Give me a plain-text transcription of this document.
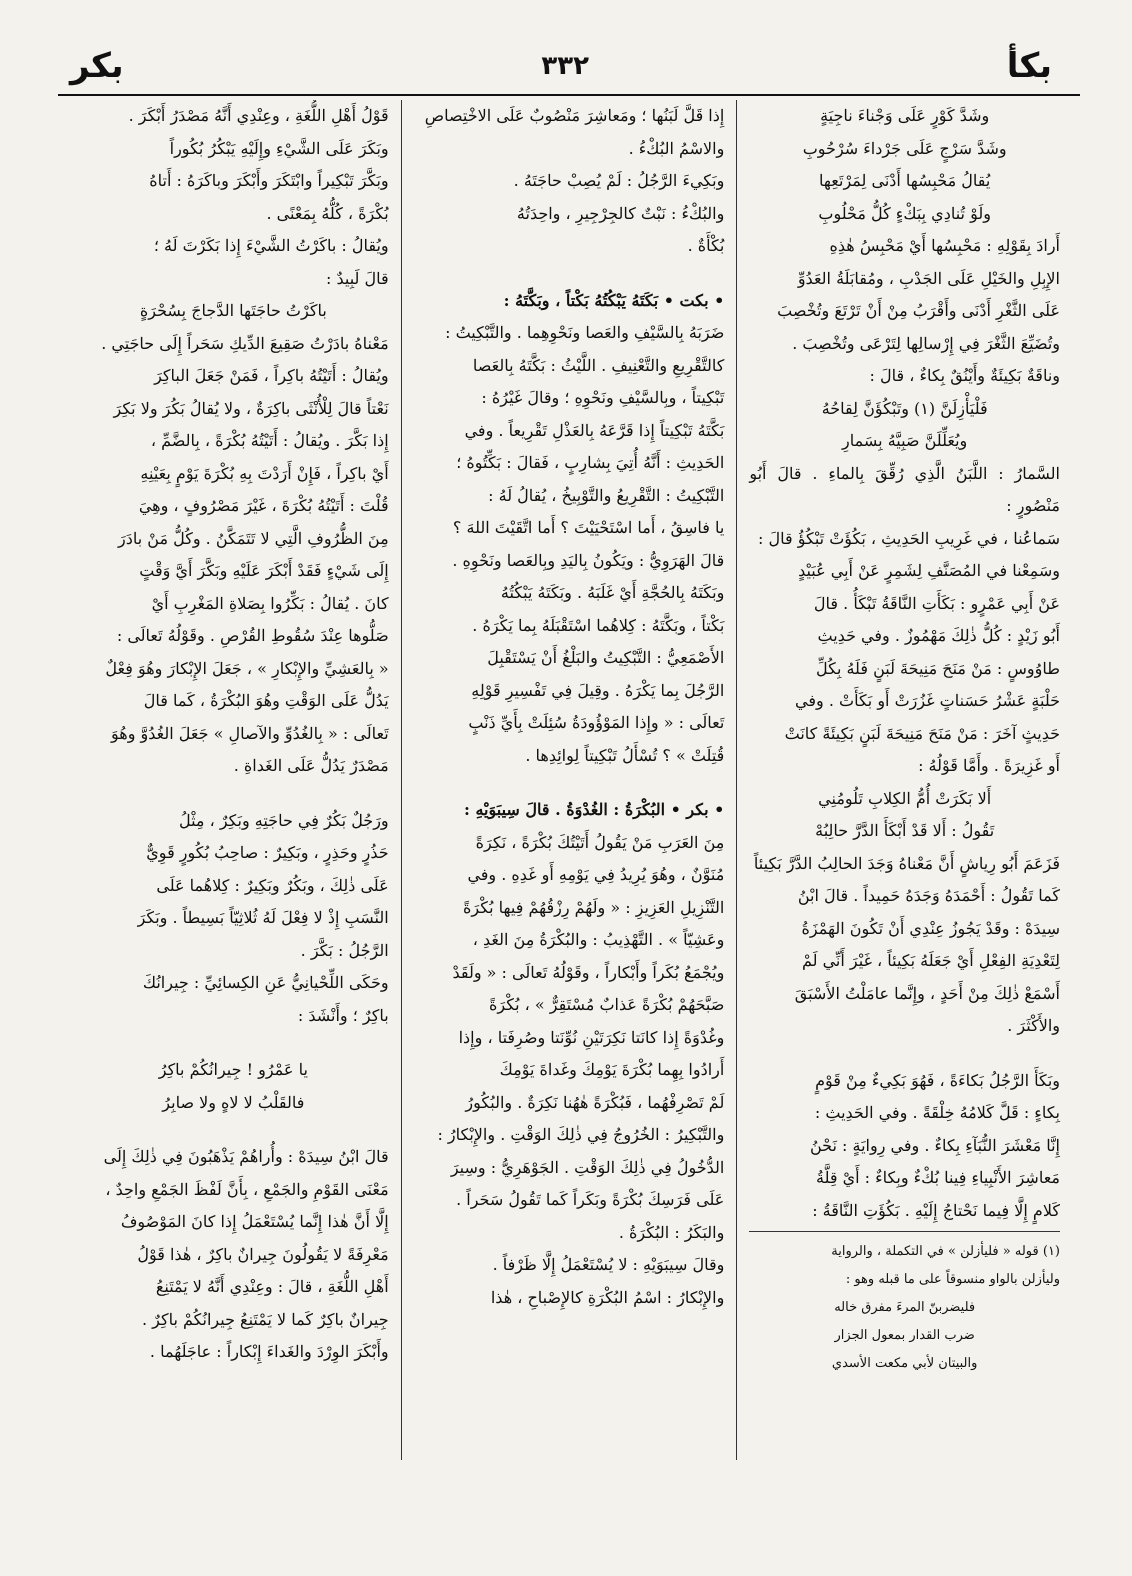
بكأ
٣٣٢
بكر

وشَدَّ كَوْرٍ عَلَى وَجْناءَ ناجِيَةٍ

وشَدَّ سَرْجٍ عَلَى جَرْداءَ سُرْحُوبِ

يُقالُ مَحْبِسُها أَدْنَى لِمَرْتَعِها

ولَوْ تُنادِي بِبَكْءٍ كُلُّ مَحْلُوبِ

أَرادَ بِقَوْلِهِ : مَحْبِسُها أَيْ مَحْبِسُ هٰذِهِ

الإِبِلِ والخَيْلِ عَلَى الجَدْبِ ، ومُقابَلَةُ العَدُوِّ

عَلَى الثَّغْرِ أَدْنَى وأَقْرَبُ مِنْ أَنْ تَرْتَعَ وتُخْصِبَ

وتُضَيِّعَ الثَّغْرَ فِي إِرْسالِها لِتَرْعَى وتُخْصِبَ .

وناقَةٌ بَكِيئَةٌ وأَيْنُقٌ بِكاءٌ ، قالَ :

فَلْيَأْزِلَنَّ (١) وتَبْكُؤَنَّ لِقاحُهُ

ويُعَلِّلَنَّ صَبِيَّهُ بِسَمارِ

السَّمارُ : اللَّبَنُ الَّذِي رُقِّقَ بِالماءِ . قالَ أَبُو مَنْصُورٍ :

سَماعُنا ، في غَرِيبِ الحَدِيثِ ، بَكُؤَتْ تَبْكُؤُ قالَ :

وسَمِعْنا في المُصَنَّفِ لِشَمِرٍ عَنْ أَبِي عُبَيْدٍ

عَنْ أَبِي عَمْرٍو : بَكَأَتِ النَّاقَةُ تَبْكَأُ . قالَ

أَبُو زَيْدٍ : كُلُّ ذٰلِكَ مَهْمُوزٌ . وفي حَدِيثِ

طاوُوسٍ : مَنْ مَنَحَ مَنِيحَةَ لَبَنٍ فَلَهُ بِكُلِّ

حَلْبَةٍ عَشْرُ حَسَناتٍ غَزُرَتْ أَو بَكَأَتْ . وفي

حَدِيثٍ آخَرَ : مَنْ مَنَحَ مَنِيحَةَ لَبَنٍ بَكِيئَةً كانَتْ

أَو غَزِيرَةً . وأَمَّا قَوْلُهُ :

أَلا بَكَرَتْ أُمُّ الكِلابِ تَلُومُنِي

تَقُولُ : أَلا قَدْ أَبْكَأَ الدَّرَّ حالِبُهْ

فَزَعَمَ أَبُو رِياشٍ أَنَّ مَعْناهُ وَجَدَ الحالِبُ الدَّرَّ بَكِيئاً

كَما تَقُولُ : أَحْمَدَهُ وَجَدَهُ حَمِيداً . قالَ ابْنُ

سِيدَهْ : وقَدْ يَجُوزُ عِنْدِي أَنْ تَكُونَ الهَمْزَةُ

لِتَعْدِيَةِ الفِعْلِ أَيْ جَعَلَهُ بَكِيئاً ، غَيْرَ أَنِّي لَمْ

أَسْمَعْ ذٰلِكَ مِنْ أَحَدٍ ، وإِنَّما عامَلْتُ الأَسْبَقَ

والأَكْثَرَ .

وبَكَأَ الرَّجُلُ بَكاءَةً ، فَهُوَ بَكِيءٌ مِنْ قَوْمٍ

بِكاءٍ : قَلَّ كَلامُهُ خِلْقَةً . وفي الحَدِيثِ :

إِنَّا مَعْشَرَ النُّبَآءِ بِكاءٌ . وفي رِوايَةٍ : نَحْنُ

مَعاشِرَ الأَنْبِياءِ فِينا بُكْءٌ وبِكاءٌ : أَيْ قِلَّةُ

كَلامٍ إِلَّا فِيما نَحْتاجُ إِلَيْهِ . بَكُؤَتِ النَّاقَةُ :

(١) قوله « فليأزلن » في التكملة ، والرواية

وليأزلن بالواو منسوقاً على ما قبله وهو :

فليضربنّ المرءَ مفرق خاله

ضرب القدار بمعول الجزار

والبيتان لأبي مكعت الأسدي

إِذا قَلَّ لَبَنُها ؛ ومَعاشِرَ مَنْصُوبٌ عَلَى الاخْتِصاصِ

والاسْمُ البُكْءُ .

وبَكِيءَ الرَّجُلُ : لَمْ يُصِبْ حاجَتَهُ .

والبُكْءُ : نَبْتٌ كالجِرْجِيرِ ، واحِدَتُهُ

بُكْأَةٌ .

• بكت • بَكَتَهُ يَبْكُتُهُ بَكْتاً ، وبَكَّتَهُ :

ضَرَبَهُ بِالسَّيْفِ والعَصا ونَحْوِهِما . والتَّبْكِيتُ :

كالتَّقْرِيعِ والتَّعْنِيفِ . اللَّيْثُ : بَكَّتَهُ بِالعَصا

تَبْكِيتاً ، وبِالسَّيْفِ ونَحْوِهِ ؛ وقالَ غَيْرُهُ :

بَكَّتَهُ تَبْكِيتاً إِذا قَرَّعَهُ بِالعَذْلِ تَقْرِيعاً . وفي

الحَدِيثِ : أَنَّهُ أُتِيَ بِشارِبٍ ، فَقالَ : بَكِّتُوهُ ؛

التَّبْكِيتُ : التَّقْرِيعُ والتَّوْبِيخُ ، يُقالُ لَهُ :

يا فاسِقُ ، أَما اسْتَحْيَيْتَ ؟ أَما اتَّقَيْتَ اللهَ ؟

قالَ الهَرَوِيُّ : ويَكُونُ بِاليَدِ وبِالعَصا ونَحْوِهِ .

وبَكَتَهُ بِالحُجَّةِ أَيْ غَلَبَهُ . وبَكَتَهُ يَبْكُتُهُ

بَكْتاً ، وبَكَّتَهُ : كِلاهُما اسْتَقْبَلَهُ بِما يَكْرَهُ .

الأَصْمَعِيُّ : التَّبْكِيتُ والبَلْغُ أَنْ يَسْتَقْبِلَ

الرَّجُلَ بِما يَكْرَهُ . وقِيلَ فِي تَفْسِيرِ قَوْلِهِ

تَعالَى : « وإِذا المَوْؤُودَةُ سُئِلَتْ بِأَيِّ ذَنْبٍ

قُتِلَتْ » ؟ تُسْأَلُ تَبْكِيتاً لِوائِدِها .

• بكر • البُكْرَةُ : الغُدْوَةُ . قالَ سِيبَوَيْهِ :

مِنَ العَرَبِ مَنْ يَقُولُ أَتَيْتُكَ بُكْرَةً ، نَكِرَةً

مُنَوَّنٌ ، وهُوَ يُرِيدُ فِي يَوْمِهِ أَو غَدِهِ . وفي

التَّنْزِيلِ العَزِيزِ : « ولَهُمْ رِزْقُهُمْ فِيها بُكْرَةً

وعَشِيّاً » . التَّهْذِيبُ : والبُكْرَةُ مِنَ الغَدِ ،

ويُجْمَعُ بُكَراً وأَبْكاراً ، وقَوْلُهُ تَعالَى : « ولَقَدْ

صَبَّحَهُمْ بُكْرَةً عَذابٌ مُسْتَقِرٌّ » ، بُكْرَةً

وغُدْوَةً إِذا كانَتا نَكِرَتَيْنِ نُوِّنَتا وصُرِفَتا ، وإِذا

أَرادُوا بِهِما بُكْرَةَ يَوْمِكَ وغَداةَ يَوْمِكَ

لَمْ تَصْرِفْهُما ، فَبُكْرَةً هٰهُنا نَكِرَةٌ . والبُكُورُ

والتَّبْكِيرُ : الخُرُوجُ فِي ذٰلِكَ الوَقْتِ . والإِبْكارُ :

الدُّخُولُ فِي ذٰلِكَ الوَقْتِ . الجَوْهَرِيُّ : وسِيرَ

عَلَى فَرَسِكَ بُكْرَةً وبَكَراً كَما تَقُولُ سَحَراً .

والبَكَرُ : البُكْرَةُ .

وقالَ سِيبَوَيْهِ : لا يُسْتَعْمَلُ إِلَّا ظَرْفاً .

والإِبْكارُ : اسْمُ البُكْرَةِ كالإِصْباحِ ، هٰذا

قَوْلُ أَهْلِ اللُّغَةِ ، وعِنْدِي أَنَّهُ مَصْدَرُ أَبْكَرَ .

وبَكَرَ عَلَى الشَّيْءِ وإِلَيْهِ يَبْكُرُ بُكُوراً

وبَكَّرَ تَبْكِيراً وابْتَكَرَ وأَبْكَرَ وباكَرَهُ : أَتاهُ

بُكْرَةً ، كُلُّهُ بِمَعْنًى .

ويُقالُ : باكَرْتُ الشَّيْءَ إِذا بَكَرْتَ لَهُ ؛

قالَ لَبِيدٌ :

باكَرْتُ حاجَتَها الدَّجاجَ بِسُحْرَةٍ

مَعْناهُ بادَرْتُ صَقِيعَ الدِّيكِ سَحَراً إِلَى حاجَتِي .

ويُقالُ : أَتَيْتُهُ باكِراً ، فَمَنْ جَعَلَ الباكِرَ

نَعْتاً قالَ لِلْأُنْثَى باكِرَةٌ ، ولا يُقالُ بَكُرَ ولا بَكِرَ

إِذا بَكَّرَ . ويُقالُ : أَتَيْتُهُ بُكْرَةً ، بِالضَّمِّ ،

أَيْ باكِراً ، فَإِنْ أَرَدْتَ بِهِ بُكْرَةَ يَوْمٍ بِعَيْنِهِ

قُلْتَ : أَتَيْتُهُ بُكْرَةَ ، غَيْرَ مَصْرُوفٍ ، وهِيَ

مِنَ الظُّرُوفِ الَّتِي لا تَتَمَكَّنُ . وكُلُّ مَنْ بادَرَ

إِلَى شَيْءٍ فَقَدْ أَبْكَرَ عَلَيْهِ وبَكَّرَ أَيَّ وَقْتٍ

كانَ . يُقالُ : بَكِّرُوا بِصَلاةِ المَغْرِبِ أَيْ

صَلُّوها عِنْدَ سُقُوطِ القُرْصِ . وقَوْلُهُ تَعالَى :

« بِالعَشِيِّ والإِبْكارِ » ، جَعَلَ الإِبْكارَ وهُوَ فِعْلٌ

يَدُلُّ عَلَى الوَقْتِ وهُوَ البُكْرَةُ ، كَما قالَ

تَعالَى : « بِالغُدُوِّ والآصالِ » جَعَلَ الغُدُوَّ وهُوَ

مَصْدَرٌ يَدُلُّ عَلَى الغَداةِ .

ورَجُلٌ بَكُرٌ فِي حاجَتِهِ وبَكِرٌ ، مِثْلُ

حَذُرٍ وحَذِرٍ ، وبَكِيرٌ : صاحِبُ بُكُورٍ قَوِيٌّ

عَلَى ذٰلِكَ ، وبَكُرٌ وبَكِيرٌ : كِلاهُما عَلَى

النَّسَبِ إِذْ لا فِعْلَ لَهُ ثُلاثِيّاً بَسِيطاً . وبَكَرَ

الرَّجُلُ : بَكَّرَ .

وحَكَى اللِّحْيانِيُّ عَنِ الكِسائِيِّ : جِيرانُكَ

باكِرٌ ؛ وأَنْشَدَ :

يا عَمْرُو ! جِيرانُكُمْ باكِرُ

فالقَلْبُ لا لاهٍ ولا صابِرُ

قالَ ابْنُ سِيدَهْ : وأُراهُمْ يَذْهَبُونَ فِي ذٰلِكَ إِلَى

مَعْنَى القَوْمِ والجَمْعِ ، بِأَنَّ لَفْظَ الجَمْعِ واحِدٌ ،

إِلَّا أَنَّ هٰذا إِنَّما يُسْتَعْمَلُ إِذا كانَ المَوْصُوفُ

مَعْرِفَةً لا يَقُولُونَ جِيرانٌ باكِرٌ ، هٰذا قَوْلُ

أَهْلِ اللُّغَةِ ، قالَ : وعِنْدِي أَنَّهُ لا يَمْتَنِعُ

جِيرانٌ باكِرٌ كَما لا يَمْتَنِعُ جِيرانُكُمْ باكِرٌ .

وأَبْكَرَ الوِرْدَ والغَداءَ إِبْكاراً : عاجَلَهُما .
